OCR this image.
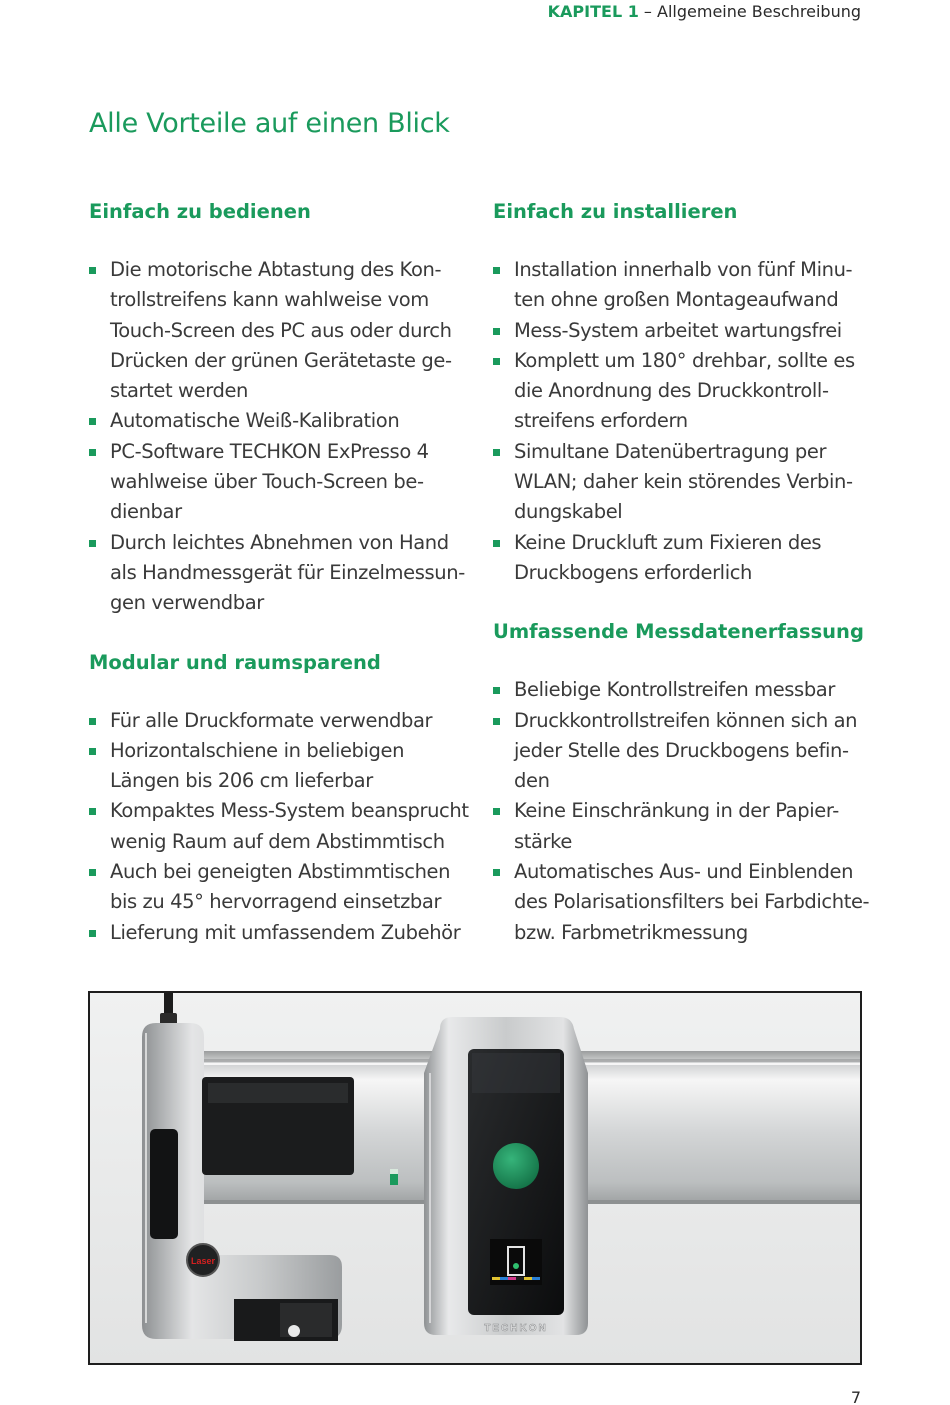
KAPITEL 1 – Allgemeine Beschreibung
Alle Vorteile auf einen Blick
Einfach zu bedienen
Die motorische Abtastung des Kon-
trollstreifens kann wahlweise vom
Touch-Screen des PC aus oder durch
Drücken der grünen Gerätetaste ge-
startet werden
Automatische Weiß-Kalibration
PC-Software TECHKON ExPresso 4
wahlweise über Touch-Screen be-
dienbar
Durch leichtes Abnehmen von Hand
als Handmessgerät für Einzelmessun-
gen verwendbar
Modular und raumsparend
Für alle Druckformate verwendbar
Horizontalschiene in beliebigen
Längen bis 206 cm lieferbar
Kompaktes Mess-System beansprucht
wenig Raum auf dem Abstimmtisch
Auch bei geneigten Abstimmtischen
bis zu 45° hervorragend einsetzbar
Lieferung mit umfassendem Zubehör
Einfach zu installieren
Installation innerhalb von fünf Minu-
ten ohne großen Montageaufwand
Mess-System arbeitet wartungsfrei
Komplett um 180° drehbar, sollte es
die Anordnung des Druckkontroll-
streifens erfordern
Simultane Datenübertragung per
WLAN; daher kein störendes Verbin-
dungskabel
Keine Druckluft zum Fixieren des
Druckbogens erforderlich
Umfassende Messdatenerfassung
Beliebige Kontrollstreifen messbar
Druckkontrollstreifen können sich an
jeder Stelle des Druckbogens befin-
den
Keine Einschränkung in der Papier-
stärke
Automatisches Aus- und Einblenden
des Polarisationsfilters bei Farbdichte-
bzw. Farbmetrikmessung
Laser
TECHKON
7
